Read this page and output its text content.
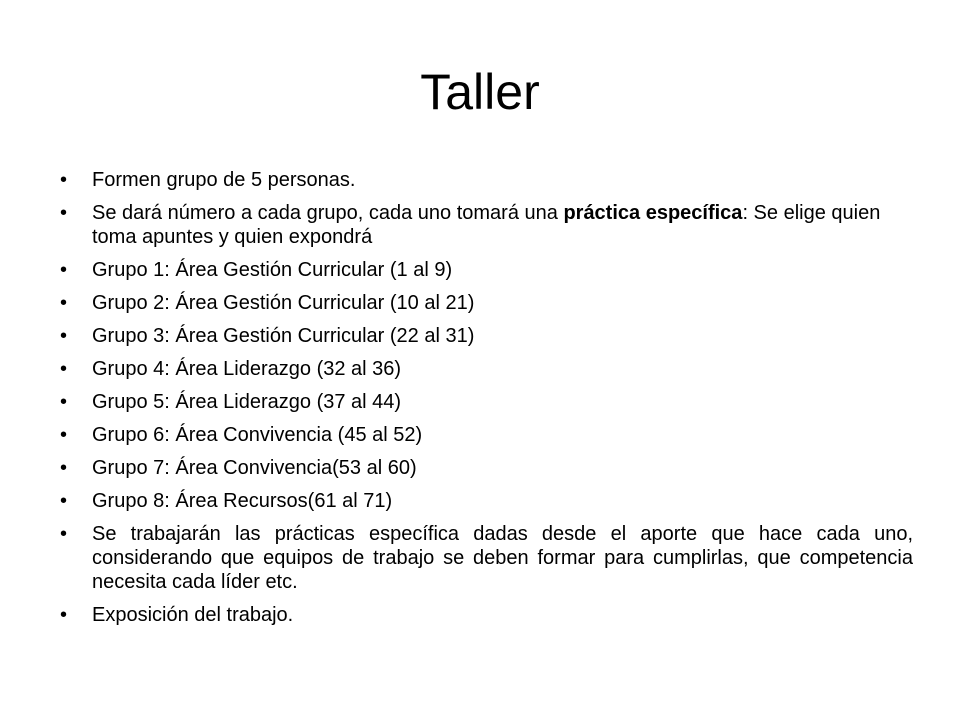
Taller
•	Formen grupo de 5 personas.
•	Se dará número a cada grupo, cada uno tomará una práctica específica: Se elige quien toma apuntes y quien expondrá
•	Grupo 1: Área Gestión Curricular (1 al 9)
•	Grupo 2: Área Gestión Curricular (10 al 21)
•	Grupo 3: Área Gestión Curricular (22 al 31)
•	Grupo 4: Área Liderazgo (32 al 36)
•	Grupo 5: Área Liderazgo (37 al 44)
•	Grupo 6: Área Convivencia (45 al 52)
•	Grupo 7: Área Convivencia(53 al 60)
•	Grupo 8: Área Recursos(61 al 71)
•	Se trabajarán las prácticas específica dadas desde el aporte que hace cada uno, considerando que equipos de trabajo se deben formar para cumplirlas, que competencia necesita cada líder etc.
•	Exposición del trabajo.
